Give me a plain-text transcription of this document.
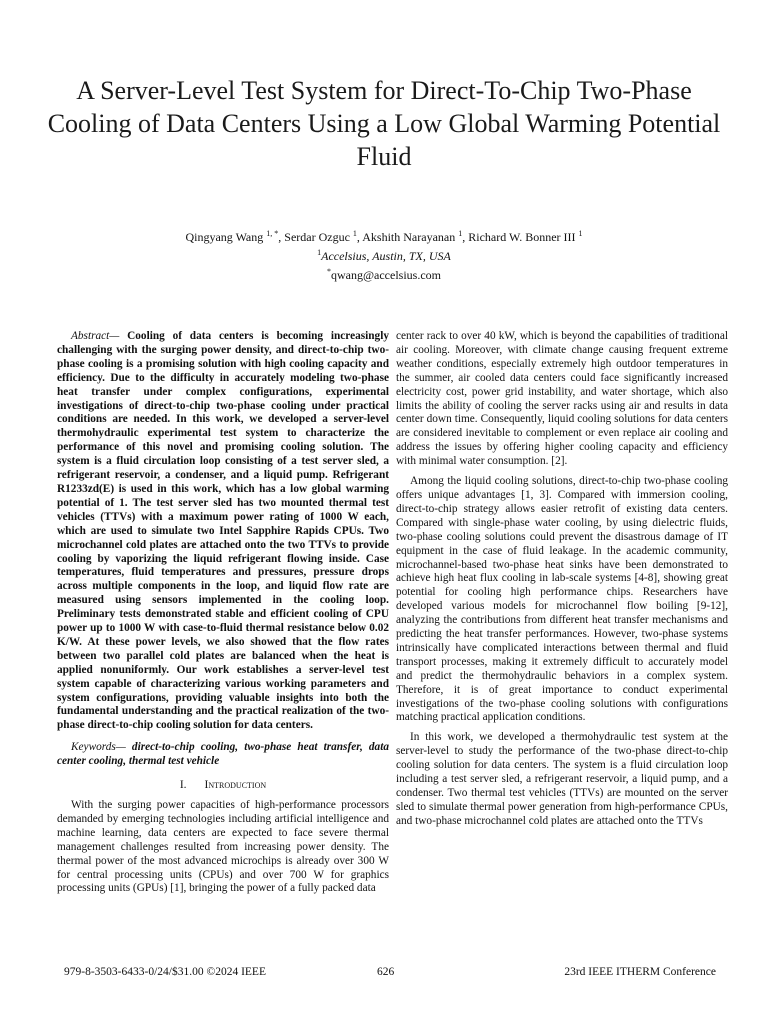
A Server-Level Test System for Direct-To-Chip Two-Phase Cooling of Data Centers Using a Low Global Warming Potential Fluid
Qingyang Wang $^{1, *}$, Serdar Ozguc $^1$, Akshith Narayanan $^1$, Richard W. Bonner III $^1$
$^1$Accelsius, Austin, TX, USA
*qwang@accelsius.com

Abstract— Cooling of data centers is becoming increasingly challenging with the surging power density, and direct-to-chip two-phase cooling is a promising solution with high cooling capacity and efficiency. Due to the difficulty in accurately modeling two-phase heat transfer under complex configurations, experimental investigations of direct-to-chip two-phase cooling under practical conditions are needed. In this work, we developed a server-level thermohydraulic experimental test system to characterize the performance of this novel and promising cooling solution. The system is a fluid circulation loop consisting of a test server sled, a refrigerant reservoir, a condenser, and a liquid pump. Refrigerant R1233zd(E) is used in this work, which has a low global warming potential of 1. The test server sled has two mounted thermal test vehicles (TTVs) with a maximum power rating of 1000 W each, which are used to simulate two Intel Sapphire Rapids CPUs. Two microchannel cold plates are attached onto the two TTVs to provide cooling by vaporizing the liquid refrigerant flowing inside. Case temperatures, fluid temperatures and pressures, pressure drops across multiple components in the loop, and liquid flow rate are measured using sensors implemented in the cooling loop. Preliminary tests demonstrated stable and efficient cooling of CPU power up to 1000 W with case-to-fluid thermal resistance below 0.02 K/W. At these power levels, we also showed that the flow rates between two parallel cold plates are balanced when the heat is applied nonuniformly. Our work establishes a server-level test system capable of characterizing various working parameters and system configurations, providing valuable insights into both the fundamental understanding and the practical realization of the two-phase direct-to-chip cooling solution for data centers.

Keywords— direct-to-chip cooling, two-phase heat transfer, data center cooling, thermal test vehicle

I. Introduction

With the surging power capacities of high-performance processors demanded by emerging technologies including artificial intelligence and machine learning, data centers are expected to face severe thermal management challenges resulted from increasing power density. The thermal power of the most advanced microchips is already over 300 W for central processing units (CPUs) and over 700 W for graphics processing units (GPUs) [1], bringing the power of a fully packed data

center rack to over 40 kW, which is beyond the capabilities of traditional air cooling. Moreover, with climate change causing frequent extreme weather conditions, especially extremely high outdoor temperatures in the summer, air cooled data centers could face significantly increased electricity cost, power grid instability, and water shortage, which also limits the ability of cooling the server racks using air and results in data center down time. Consequently, liquid cooling solutions for data centers are considered inevitable to complement or even replace air cooling and address the issues by offering higher cooling capacity and efficiency with minimal water consumption. [2].

Among the liquid cooling solutions, direct-to-chip two-phase cooling offers unique advantages [1, 3]. Compared with immersion cooling, direct-to-chip strategy allows easier retrofit of existing data centers. Compared with single-phase water cooling, by using dielectric fluids, two-phase cooling solutions could prevent the disastrous damage of IT equipment in the case of fluid leakage. In the academic community, microchannel-based two-phase heat sinks have been demonstrated to achieve high heat flux cooling in lab-scale systems [4-8], showing great potential for cooling high performance chips. Researchers have developed various models for microchannel flow boiling [9-12], analyzing the contributions from different heat transfer mechanisms and predicting the heat transfer performances. However, two-phase systems intrinsically have complicated interactions between thermal and fluid transport processes, making it extremely difficult to accurately model and predict the thermohydraulic behaviors in a complex system. Therefore, it is of great importance to conduct experimental investigations of the two-phase cooling solutions with configurations matching practical application conditions.

In this work, we developed a thermohydraulic test system at the server-level to study the performance of the two-phase direct-to-chip cooling solution for data centers. The system is a fluid circulation loop including a test server sled, a refrigerant reservoir, a liquid pump, and a condenser. Two thermal test vehicles (TTVs) are mounted on the server sled to simulate thermal power generation from high-performance CPUs, and two-phase microchannel cold plates are attached onto the TTVs

979-8-3503-6433-0/24/$31.00 ©2024 IEEE	626	23rd IEEE ITHERM Conference
